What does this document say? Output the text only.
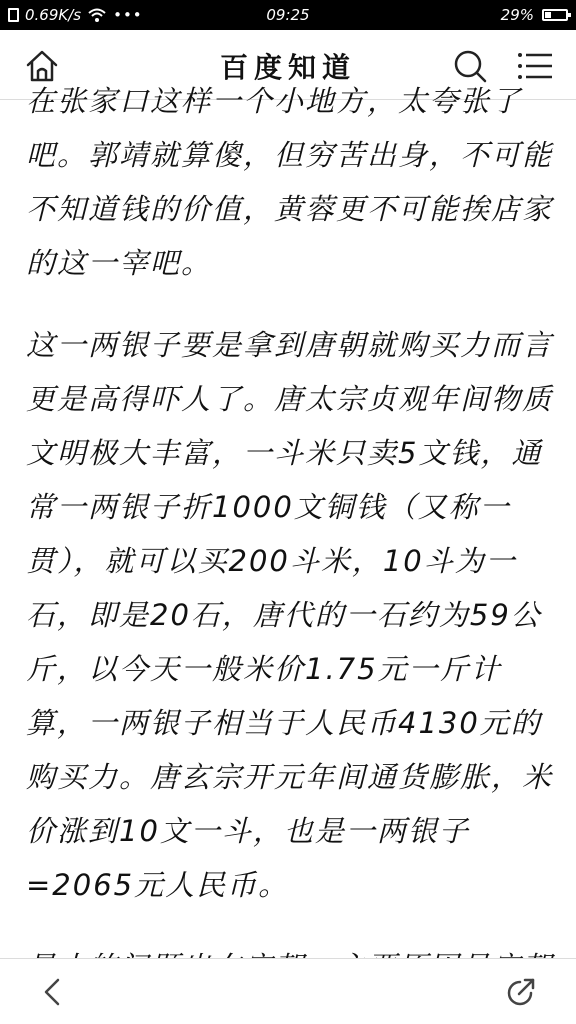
0.69K/s •••	09:25	29%
百度知道

在张家口这样一个小地方，太夸张了吧。郭靖就算傻，但穷苦出身，不可能不知道钱的价值，黄蓉更不可能挨店家的这一宰吧。

这一两银子要是拿到唐朝就购买力而言更是高得吓人了。唐太宗贞观年间物质文明极大丰富，一斗米只卖5文钱，通常一两银子折1000文铜钱（又称一贯），就可以买200斗米，10斗为一石，即是20石，唐代的一石约为59公斤，以今天一般米价1.75元一斤计算，一两银子相当于人民币4130元的购买力。唐玄宗开元年间通货膨胀，米价涨到10文一斗，也是一两银子=2065元人民币。
